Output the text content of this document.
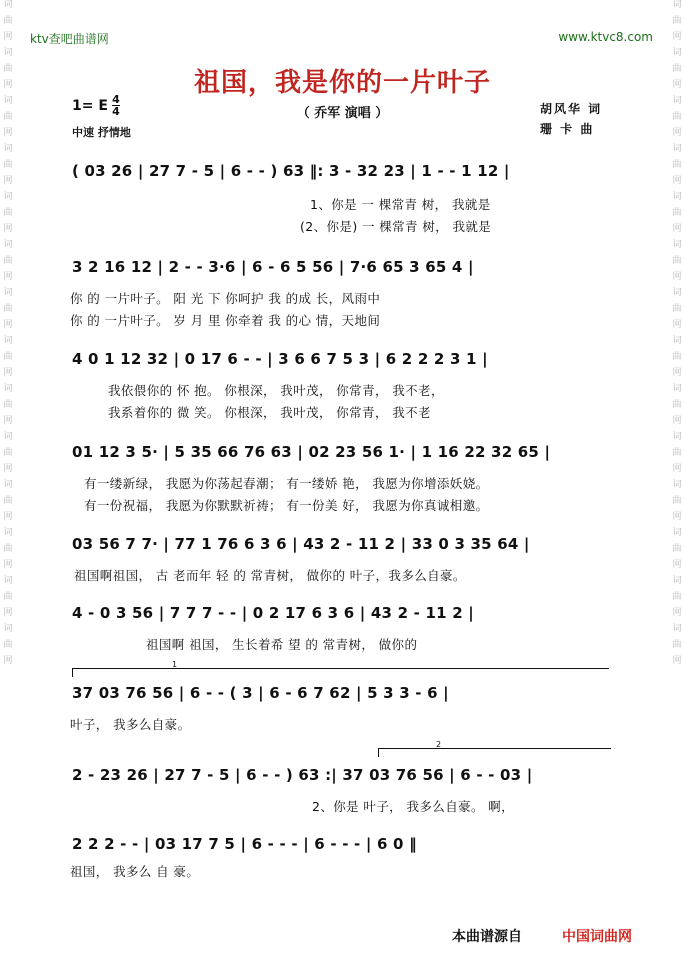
词
曲
网
词
曲
网
词
曲
网
词
曲
网
词
曲
网
词
曲
网
词
曲
网
词
曲
网
词
曲
网
词
曲
网
词
曲
网
词
曲
网
词
曲
网
词
曲
网
词
曲
网
词
曲
网
词
曲
网
词
曲
网
词
曲
网
词
曲
网
词
曲
网
词
曲
网
词
曲
网
词
曲
网
词
曲
网
词
曲
网
词
曲
网
词
曲
网
ktv查吧曲谱网	www.ktvc8.com
祖国，我是你的一片叶子
（ 乔军 演唱 ）
1= E 4
4
中速 抒情地
胡风华 词
珊 卡 曲
( 03 26 | 27 7 - 5 | 6 - - ) 63 ‖: 3 - 32 23 | 1 - - 1 12 |
1、你是 一 棵常青 树， 我就是
(2、你是) 一 棵常青 树， 我就是
3 2 16 12 | 2 - - 3·6 | 6 - 6 5 56 | 7·6 65 3 65 4 |
你 的 一片叶子。 阳 光 下 你呵护 我 的成 长，风雨中
你 的 一片叶子。 岁 月 里 你牵着 我 的心 情，天地间
4 0 1 12 32 | 0 17 6 - - | 3 6 6 7 5 3 | 6 2 2 2 3 1 |
我依偎你的 怀 抱。 你根深， 我叶茂， 你常青， 我不老，
我系着你的 微 笑。 你根深， 我叶茂， 你常青， 我不老
01 12 3 5· | 5 35 66 76 63 | 02 23 56 1· | 1 16 22 32 65 |
有一缕新绿， 我愿为你荡起春潮； 有一缕娇 艳， 我愿为你增添妖娆。
有一份祝福， 我愿为你默默祈祷； 有一份美 好， 我愿为你真诚相邀。
03 56 7 7· | 77 1 76 6 3 6 | 43 2 - 11 2 | 33 0 3 35 64 |
祖国啊祖国， 古 老而年 轻 的 常青树， 做你的 叶子，我多么自豪。
4 - 0 3 56 | 7 7 7 - - | 0 2 17 6 3 6 | 43 2 - 11 2 |
祖国啊 祖国， 生长着希 望 的 常青树， 做你的
1
37 03 76 56 | 6 - - ( 3 | 6 - 6 7 62 | 5 3 3 - 6 |
叶子， 我多么自豪。
2
2 - 23 26 | 27 7 - 5 | 6 - - ) 63 :| 37 03 76 56 | 6 - - 03 |
2、你是 叶子， 我多么自豪。 啊，
2 2 2 - - | 03 17 7 5 | 6 - - - | 6 - - - | 6 0 ‖
祖国， 我多么 自 豪。
本曲谱源自	中国词曲网
